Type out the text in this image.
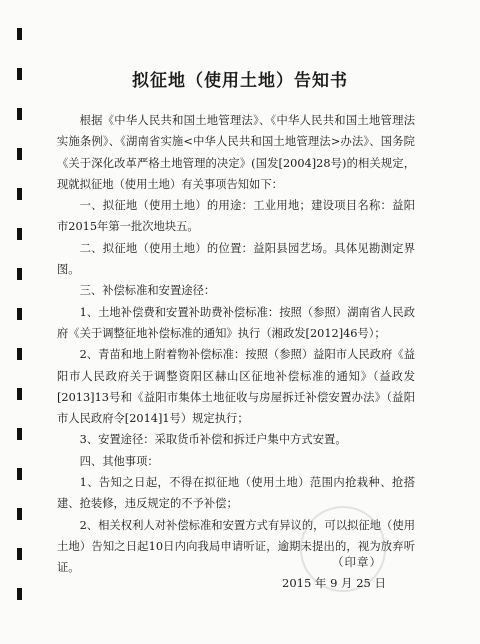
拟征地（使用土地）告知书

根据《中华人民共和国土地管理法》、《中华人民共和国土地管理法实施条例》、《湖南省实施<中华人民共和国土地管理法>办法》、国务院《关于深化改革严格土地管理的决定》(国发[2004]28号)的相关规定，现就拟征地（使用土地）有关事项告知如下：

一、拟征地（使用土地）的用途：工业用地；建设项目名称：益阳市2015年第一批次地块五。

二、拟征地（使用土地）的位置：益阳县园艺场。具体见勘测定界图。

三、补偿标准和安置途径：

1、土地补偿费和安置补助费补偿标准：按照（参照）湖南省人民政府《关于调整征地补偿标准的通知》执行（湘政发[2012]46号）；

2、青苗和地上附着物补偿标准：按照（参照）益阳市人民政府《益阳市人民政府关于调整资阳区赫山区征地补偿标准的通知》（益政发[2013]13号和《益阳市集体土地征收与房屋拆迁补偿安置办法》（益阳市人民政府令[2014]1号）规定执行；

3、安置途径：采取货币补偿和拆迁户集中方式安置。

四、其他事项：

1、告知之日起，不得在拟征地（使用土地）范围内抢栽种、抢搭建、抢装修，违反规定的不予补偿；

2、相关权利人对补偿标准和安置方式有异议的，可以拟征地（使用土地）告知之日起10日内向我局申请听证，逾期未提出的，视为放弃听证。	（印章）
2015 年 9 月 25 日
